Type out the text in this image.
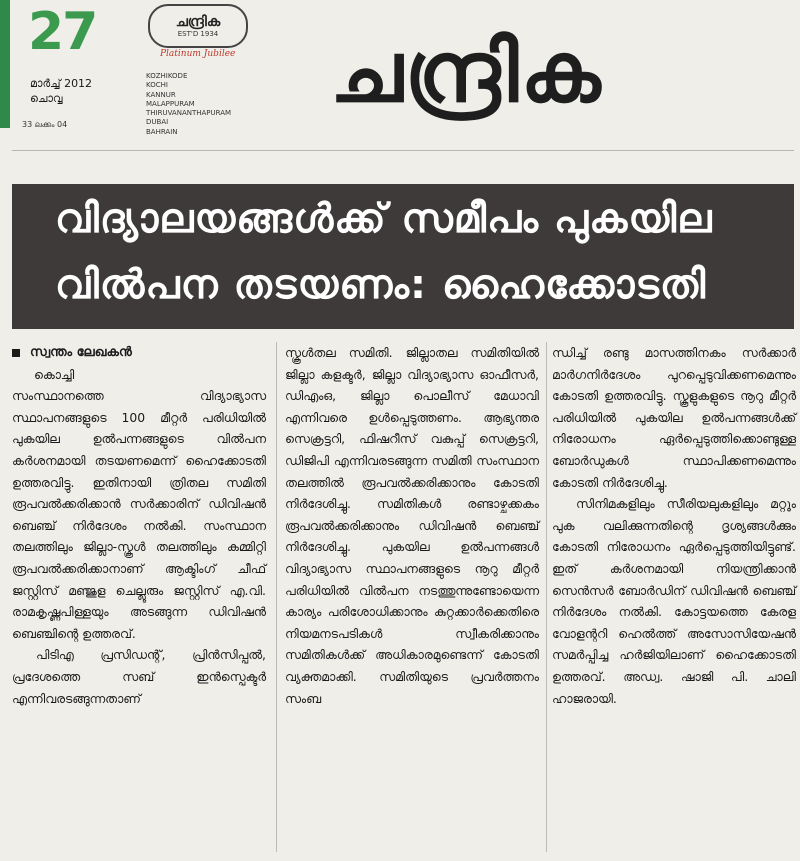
27
മാർച്ച് 2012
ചൊവ്വ
33 ലക്കം 04
ചന്ദ്രിക
EST'D 1934
Platinum Jubilee
KOZHIKODE
KOCHI
KANNUR
MALAPPURAM
THIRUVANANTHAPURAM
DUBAI
BAHRAIN
ചന്ദ്രിക
വിദ്യാലയങ്ങൾക്ക് സമീപം പുകയില
വിൽപന തടയണം: ഹൈക്കോടതി
സ്വന്തം ലേഖകൻ
കൊച്ചി

സംസ്ഥാനത്തെ വിദ്യാഭ്യാസ സ്ഥാപനങ്ങളുടെ 100 മീറ്റർ പരിധിയിൽ പുകയില ഉൽപന്നങ്ങളുടെ വിൽപന കർശനമായി തടയണമെന്ന് ഹൈക്കോടതി ഉത്തരവിട്ടു. ഇതിനായി ത്രിതല സമിതി രൂപവൽക്കരിക്കാൻ സർക്കാരിന് ഡിവിഷൻ ബെഞ്ച് നിർദേശം നൽകി. സംസ്ഥാന തലത്തിലും ജില്ലാ-സ്കൂൾ തലത്തിലും കമ്മിറ്റി രൂപവൽക്കരിക്കാനാണ് ആക്ടിംഗ് ചീഫ് ജസ്റ്റിസ് മഞ്ജുള ചെല്ലൂരും ജസ്റ്റിസ് എ.വി. രാമകൃഷ്ണപിള്ളയും അടങ്ങുന്ന ഡിവിഷൻ ബെഞ്ചിന്റെ ഉത്തരവ്.

പിടിഎ പ്രസിഡന്റ്, പ്രിൻസിപ്പൽ, പ്രദേശത്തെ സബ് ഇൻസ്പെക്ടർ എന്നിവരടങ്ങുന്നതാണ്

സ്കൂൾതല സമിതി. ജില്ലാതല സമിതിയിൽ ജില്ലാ കളക്ടർ, ജില്ലാ വിദ്യാഭ്യാസ ഓഫീസർ, ഡിഎംഒ, ജില്ലാ പൊലീസ് മേധാവി എന്നിവരെ ഉൾപ്പെടുത്തണം. ആഭ്യന്തര സെക്രട്ടറി, ഫിഷറീസ് വകുപ്പ് സെക്രട്ടറി, ഡിജിപി എന്നിവരടങ്ങുന്ന സമിതി സംസ്ഥാന തലത്തിൽ രൂപവൽക്കരിക്കാനും കോടതി നിർദേശിച്ചു. സമിതികൾ രണ്ടാഴ്ചക്കകം രൂപവൽക്കരിക്കാനും ഡിവിഷൻ ബെഞ്ച് നിർദേശിച്ചു. പുകയില ഉൽപന്നങ്ങൾ വിദ്യാഭ്യാസ സ്ഥാപനങ്ങളുടെ നൂറു മീറ്റർ പരിധിയിൽ വിൽപന നടത്തുന്നുണ്ടോയെന്ന കാര്യം പരിശോധിക്കാനും കുറ്റക്കാർക്കെതിരെ നിയമനടപടികൾ സ്വീകരിക്കാനും സമിതികൾക്ക് അധികാരമുണ്ടെന്ന് കോടതി വ്യക്തമാക്കി. സമിതിയുടെ പ്രവർത്തനം സംബ

ന്ധിച്ച് രണ്ടു മാസത്തിനകം സർക്കാർ മാർഗനിർദേശം പുറപ്പെടുവിക്കണമെന്നും കോടതി ഉത്തരവിട്ടു. സ്കൂളുകളുടെ നൂറു മീറ്റർ പരിധിയിൽ പുകയില ഉൽപന്നങ്ങൾക്ക് നിരോധനം ഏർപ്പെടുത്തിക്കൊണ്ടുള്ള ബോർഡുകൾ സ്ഥാപിക്കണമെന്നും കോടതി നിർദേശിച്ചു.

സിനിമകളിലും സീരിയലുകളിലും മറ്റും പുക വലിക്കുന്നതിന്റെ ദൃശ്യങ്ങൾക്കും കോടതി നിരോധനം ഏർപ്പെടുത്തിയിട്ടുണ്ട്. ഇത് കർശനമായി നിയന്ത്രിക്കാൻ സെൻസർ ബോർഡിന് ഡിവിഷൻ ബെഞ്ച് നിർദേശം നൽകി. കോട്ടയത്തെ കേരള വോളന്ററി ഹെൽത്ത് അസോസിയേഷൻ സമർപ്പിച്ച ഹർജിയിലാണ് ഹൈക്കോടതി ഉത്തരവ്. അഡ്വ. ഷാജി പി. ചാലി ഹാജരായി.
